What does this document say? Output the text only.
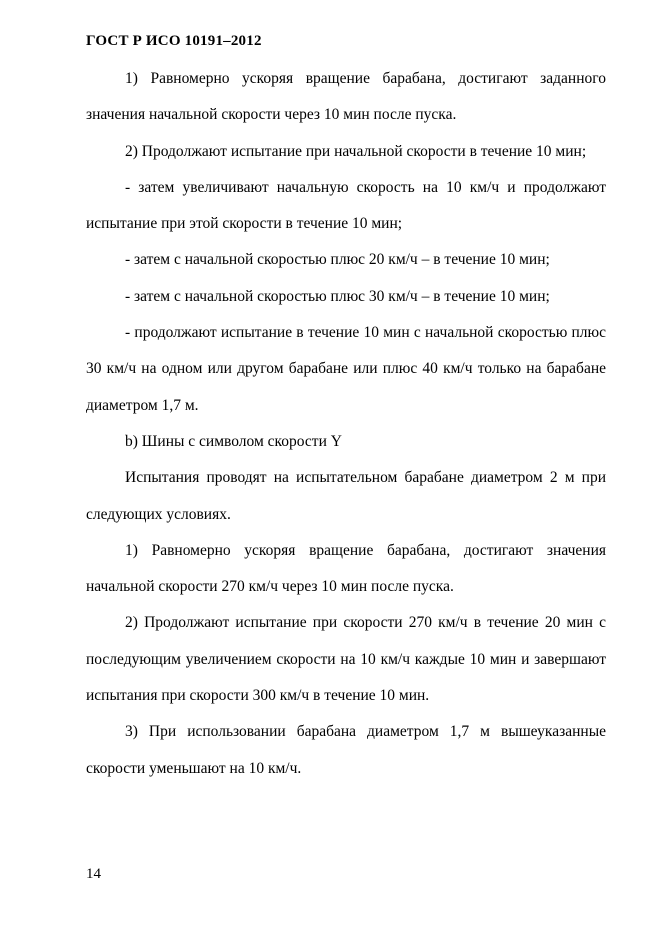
ГОСТ Р ИСО 10191–2012

1) Равномерно ускоряя вращение барабана, достигают заданного значения начальной скорости через 10 мин после пуска.

2) Продолжают испытание при начальной скорости в течение 10 мин;

- затем увеличивают начальную скорость на 10 км/ч и продолжают испытание при этой скорости в течение 10 мин;

- затем с начальной скоростью плюс 20 км/ч – в течение 10 мин;

- затем с начальной скоростью плюс 30 км/ч – в течение 10 мин;

- продолжают испытание в течение 10 мин с начальной скоростью плюс 30 км/ч на одном или другом барабане или плюс 40 км/ч только на барабане диаметром 1,7 м.

b) Шины с символом скорости Y

Испытания проводят на испытательном барабане диаметром 2 м при следующих условиях.

1) Равномерно ускоряя вращение барабана, достигают значения начальной скорости 270 км/ч через 10 мин после пуска.

2) Продолжают испытание при скорости 270 км/ч в течение 20 мин с последующим увеличением скорости на 10 км/ч каждые 10 мин и завершают испытания при скорости 300 км/ч в течение 10 мин.

3) При использовании барабана диаметром 1,7 м вышеуказанные скорости уменьшают на 10 км/ч.

14
